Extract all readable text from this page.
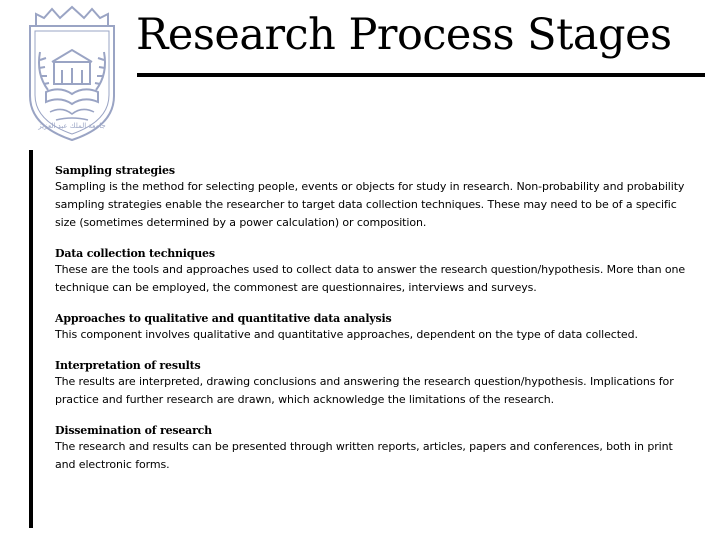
جامعة الملك عبد العزيز
Research Process Stages

Sampling strategies

Sampling is the method for selecting people, events or objects for study in research. Non-probability and probability sampling strategies enable the researcher to target data collection techniques. These may need to be of a specific size (sometimes determined by a power calculation) or composition.

Data collection techniques

These are the tools and approaches used to collect data to answer the research question/hypothesis. More than one technique can be employed, the commonest are questionnaires, interviews and surveys.

Approaches to qualitative and quantitative data analysis

This component involves qualitative and quantitative approaches, dependent on the type of data collected.

Interpretation of results

The results are interpreted, drawing conclusions and answering the research question/hypothesis. Implications for practice and further research are drawn, which acknowledge the limitations of the research.

Dissemination of research

The research and results can be presented through written reports, articles, papers and conferences, both in print and electronic forms.
